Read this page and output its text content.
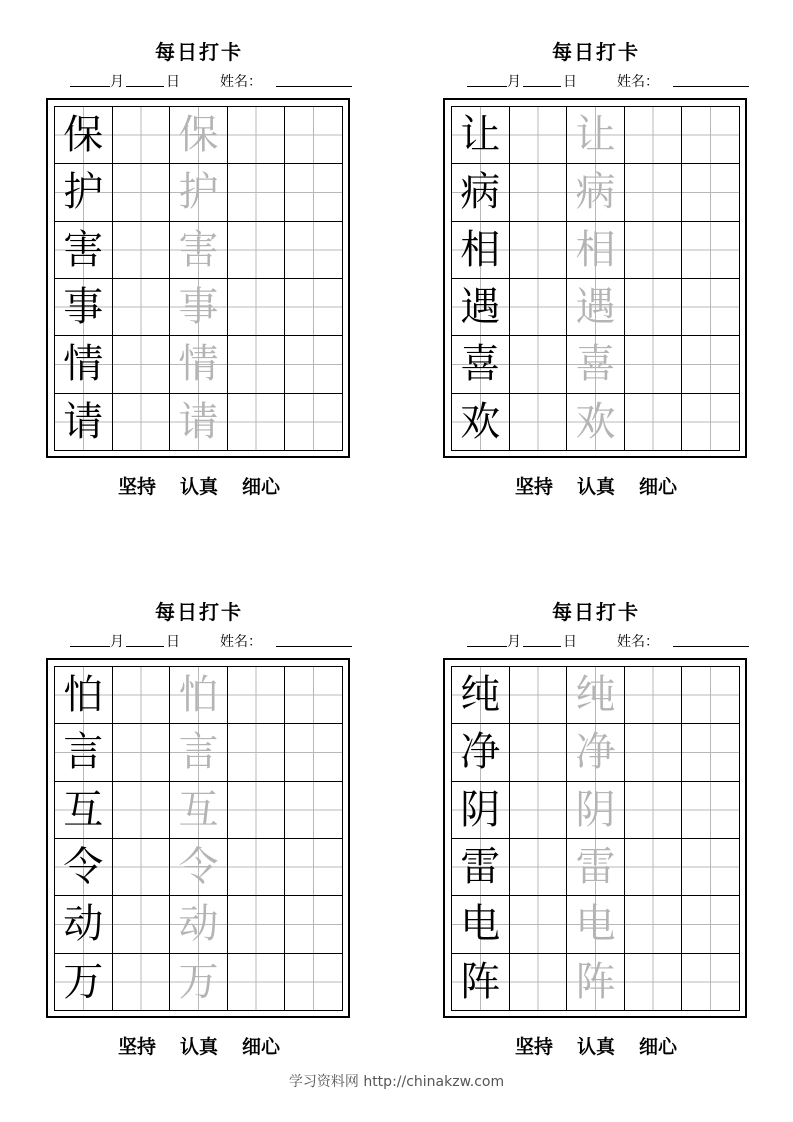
每日打卡
月	日	姓名：
保 保
护 护
害 害
事 事
情 情
请 请
坚持 认真 细心
每日打卡
月	日	姓名：
让 让
病 病
相 相
遇 遇
喜 喜
欢 欢
坚持 认真 细心
每日打卡
月	日	姓名：
怕 怕
言 言
互 互
令 令
动 动
万 万
坚持 认真 细心
每日打卡
月	日	姓名：
纯 纯
净 净
阴 阴
雷 雷
电 电
阵 阵
坚持 认真 细心
学习资料网 http://chinakzw.com
